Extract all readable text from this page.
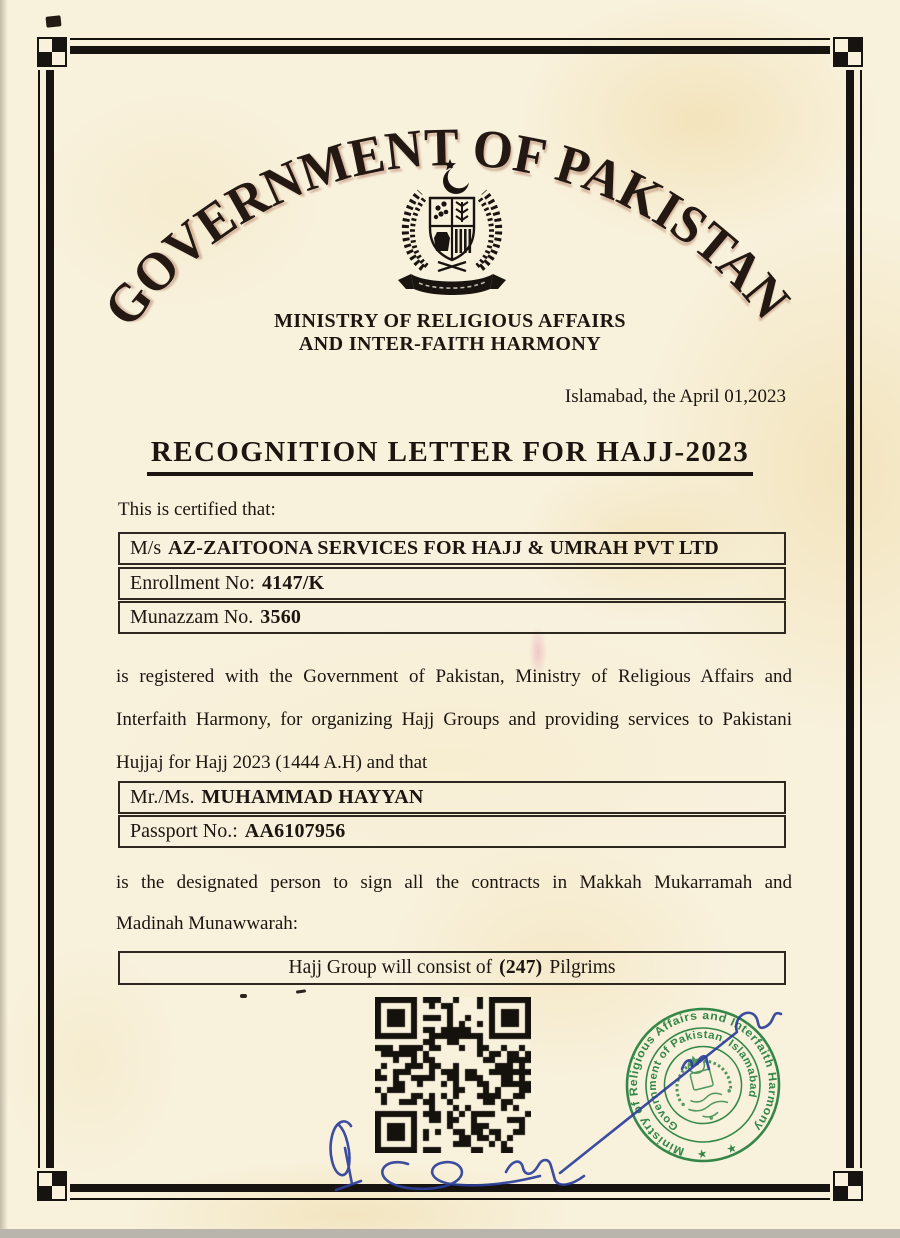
GOVERNMENT OF PAKISTAN
MINISTRY OF RELIGIOUS AFFAIRS
AND INTER-FAITH HARMONY
Islamabad, the April 01,2023
RECOGNITION LETTER FOR HAJJ-2023
This is certified that:
M/s AZ-ZAITOONA SERVICES FOR HAJJ & UMRAH PVT LTD
Enrollment No: 4147/K
Munazzam No. 3560
is registered with the Government of Pakistan, Ministry of Religious Affairs and
Interfaith Harmony, for organizing Hajj Groups and providing services to Pakistani
Hujjaj for Hajj 2023 (1444 A.H) and that
Mr./Ms. MUHAMMAD HAYYAN
Passport No.: AA6107956
is the designated person to sign all the contracts in Makkah Mukarramah and
Madinah Munawwarah:
Hajj Group will consist of (247) Pilgrims
Ministry of Religious Affairs and Interfaith Harmony
Government of Pakistan, Islamabad
★ ★
